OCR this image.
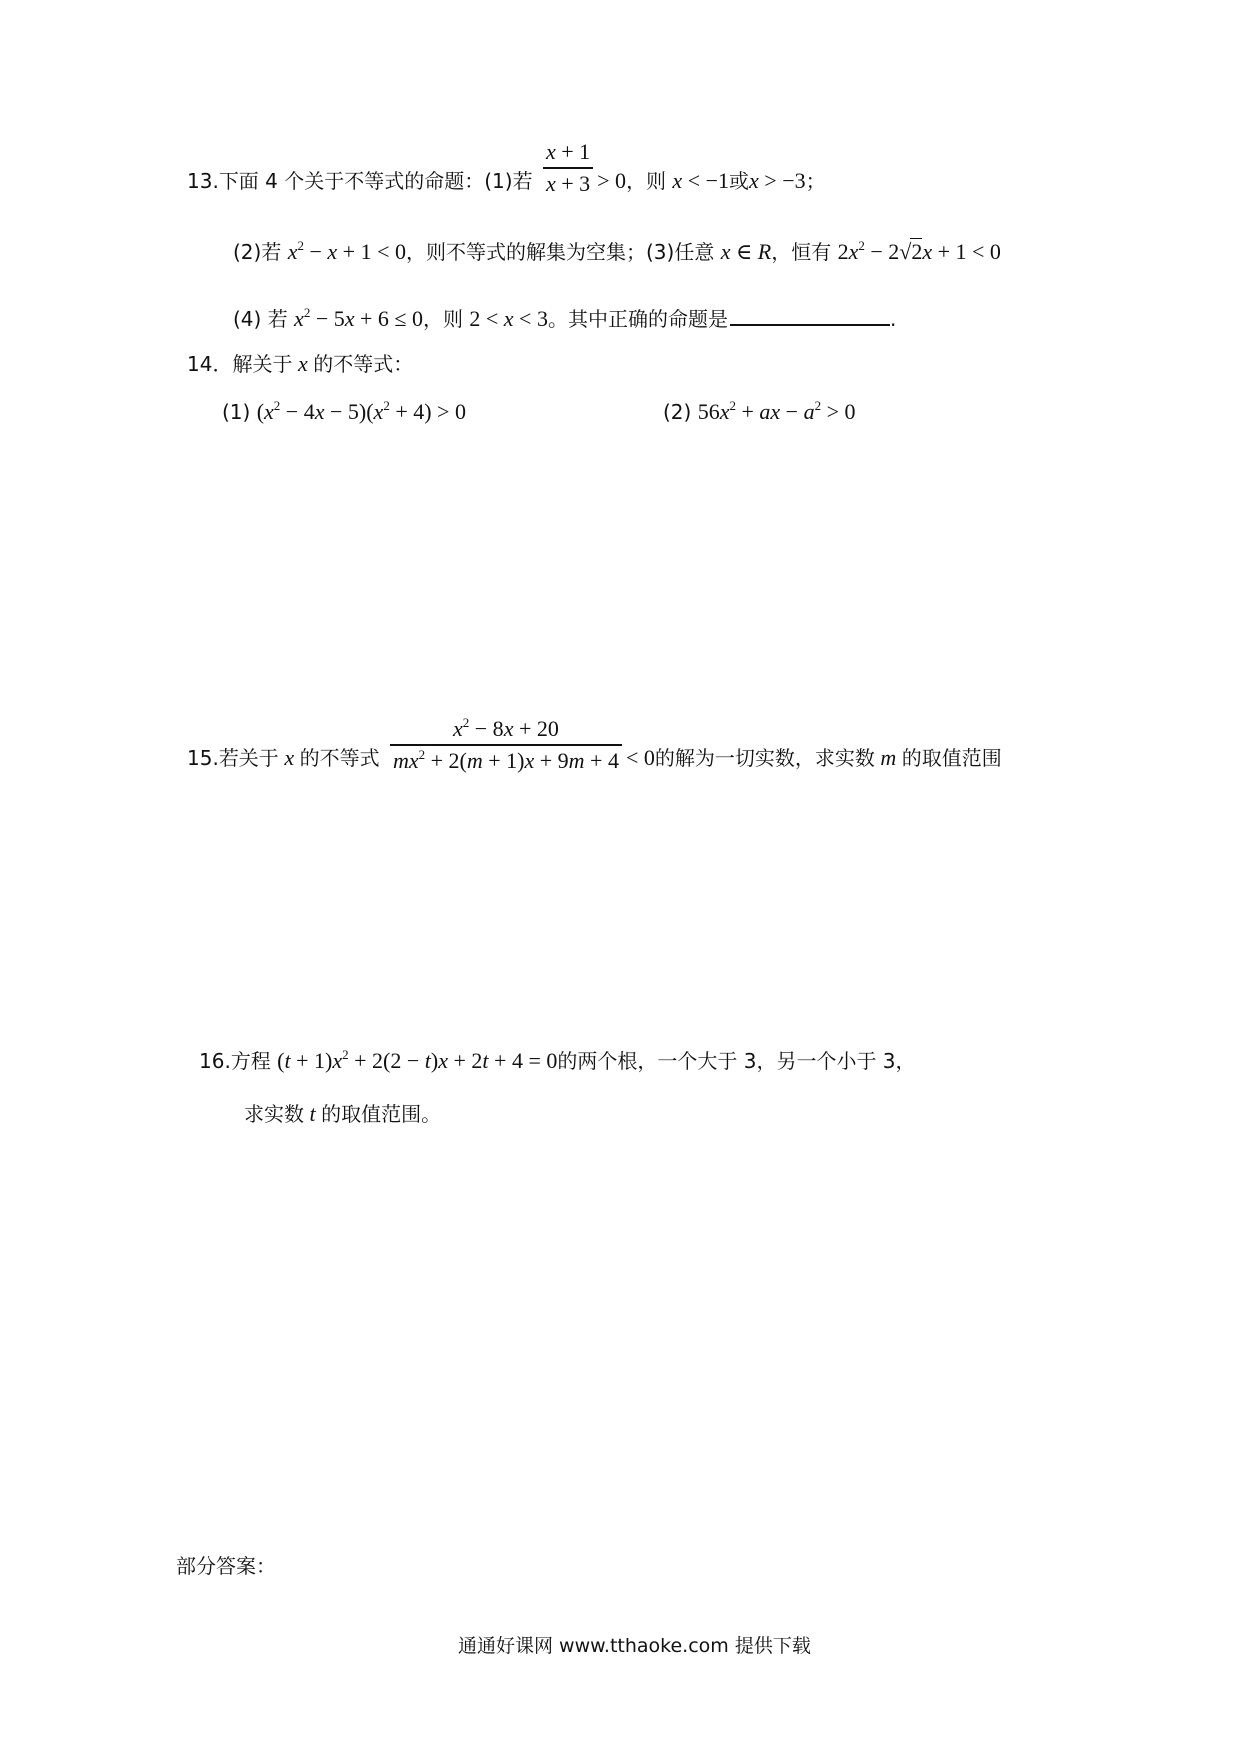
13.下面 4 个关于不等式的命题：(1)若 $\frac{x + 1}{x + 3} > 0$，则 x < −1或x > −3；
(2)若 $x^2 - x + 1 < 0$，则不等式的解集为空集；(3)任意 x ∈ R，恒有 $2x^2 - 2√2x + 1 < 0$
(4) 若 $x^2 - 5x + 6 \le 0$，则 2 < x < 3。其中正确的命题是	.
14．解关于 x 的不等式：
(1) $(x^2 - 4x - 5)(x^2 + 4) > 0$	(2) $56x^2$ + ax − $a^2 > 0$
15.若关于 x 的不等式 $\frac{x^2 - 8x + 20}{mx^2 + 2(m + 1)x + 9m + 4} < 0$的解为一切实数，求实数 m 的取值范围
16.方程 $(t + 1)x^2 + 2(2 - t)x + 2t + 4 = 0$的两个根，一个大于 3，另一个小于 3，
求实数 t 的取值范围。
部分答案：
通通好课网 www.tthaoke.com 提供下载
